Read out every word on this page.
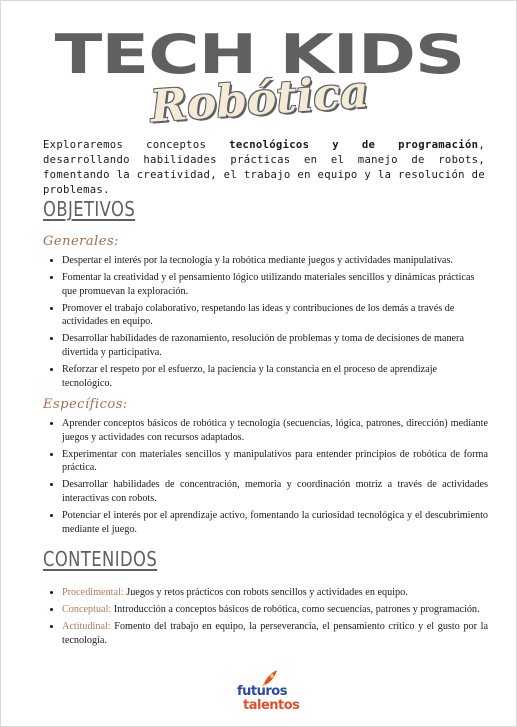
TECH KIDS
Robótica
Exploraremos conceptos tecnológicos y de programación, desarrollando habilidades prácticas en el manejo de robots, fomentando la creatividad, el trabajo en equipo y la resolución de problemas.
OBJETIVOS
Generales:
• Despertar el interés por la tecnología y la robótica mediante juegos y actividades manipulativas.
• Fomentar la creatividad y el pensamiento lógico utilizando materiales sencillos y dinámicas prácticas que promuevan la exploración.
• Promover el trabajo colaborativo, respetando las ideas y contribuciones de los demás a través de actividades en equipo.
• Desarrollar habilidades de razonamiento, resolución de problemas y toma de decisiones de manera divertida y participativa.
• Reforzar el respeto por el esfuerzo, la paciencia y la constancia en el proceso de aprendizaje tecnológico.
Específicos:
• Aprender conceptos básicos de robótica y tecnología (secuencias, lógica, patrones, dirección) mediante juegos y actividades con recursos adaptados.
• Experimentar con materiales sencillos y manipulativos para entender principios de robótica de forma práctica.
• Desarrollar habilidades de concentración, memoria y coordinación motriz a través de actividades interactivas con robots.
• Potenciar el interés por el aprendizaje activo, fomentando la curiosidad tecnológica y el descubrimiento mediante el juego.
CONTENIDOS
• Procedimental: Juegos y retos prácticos con robots sencillos y actividades en equipo.
• Conceptual: Introducción a conceptos básicos de robótica, como secuencias, patrones y programación.
• Actitudinal: Fomento del trabajo en equipo, la perseverancia, el pensamiento crítico y el gusto por la tecnología.
futuros
talentos
